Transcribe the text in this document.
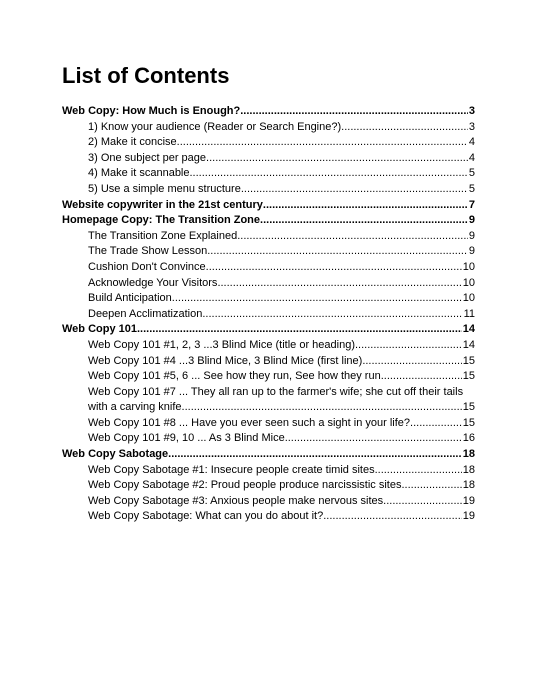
List of Contents
Web Copy: How Much is Enough? .....	3
1) Know your audience (Reader or Search Engine?) .....	3
2) Make it concise .....	4
3) One subject per page .....	4
4) Make it scannable .....	5
5) Use a simple menu structure .....	5
Website copywriter in the 21st century .....	7
Homepage Copy: The Transition Zone .....	9
The Transition Zone Explained .....	9
The Trade Show Lesson .....	9
Cushion Don't Convince .....	10
Acknowledge Your Visitors .....	10
Build Anticipation .....	10
Deepen Acclimatization .....	11
Web Copy 101 .....	14
Web Copy 101 #1, 2, 3 ...3 Blind Mice (title or heading) .....	14
Web Copy 101 #4 ...3 Blind Mice, 3 Blind Mice (first line) .....	15
Web Copy 101 #5, 6 ... See how they run, See how they run .....	15
Web Copy 101 #7 ... They all ran up to the farmer's wife; she cut off their tails
with a carving knife .....	15
Web Copy 101 #8 ... Have you ever seen such a sight in your life? .....	15
Web Copy 101 #9, 10 ... As 3 Blind Mice .....	16
Web Copy Sabotage .....	18
Web Copy Sabotage #1: Insecure people create timid sites .....	18
Web Copy Sabotage #2: Proud people produce narcissistic sites .....	18
Web Copy Sabotage #3: Anxious people make nervous sites .....	19
Web Copy Sabotage: What can you do about it? .....	19
